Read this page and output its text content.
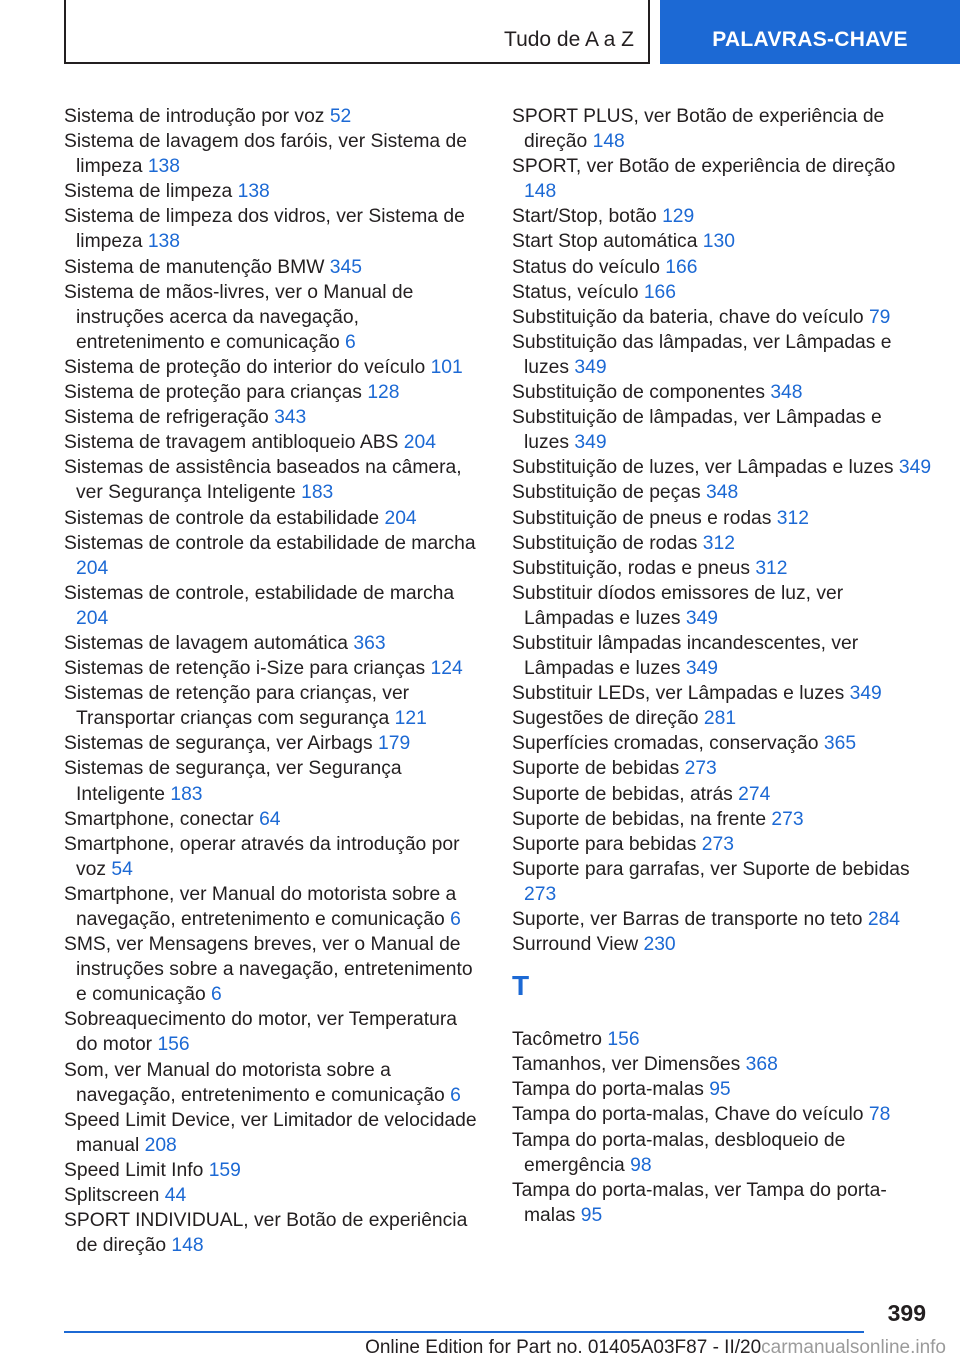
Tudo de A a Z	PALAVRAS-CHAVE
Sistema de introdução por voz 52
Sistema de lavagem dos faróis, ver Sistema de limpeza 138
Sistema de limpeza 138
Sistema de limpeza dos vidros, ver Sistema de limpeza 138
Sistema de manutenção BMW 345
Sistema de mãos-livres, ver o Manual de instruções acerca da navegação, entretenimento e comunicação 6
Sistema de proteção do interior do veículo 101
Sistema de proteção para crianças 128
Sistema de refrigeração 343
Sistema de travagem antibloqueio ABS 204
Sistemas de assistência baseados na câmera, ver Segurança Inteligente 183
Sistemas de controle da estabilidade 204
Sistemas de controle da estabilidade de marcha 204
Sistemas de controle, estabilidade de marcha 204
Sistemas de lavagem automática 363
Sistemas de retenção i-Size para crianças 124
Sistemas de retenção para crianças, ver Transportar crianças com segurança 121
Sistemas de segurança, ver Airbags 179
Sistemas de segurança, ver Segurança Inteligente 183
Smartphone, conectar 64
Smartphone, operar através da introdução por voz 54
Smartphone, ver Manual do motorista sobre a navegação, entretenimento e comunicação 6
SMS, ver Mensagens breves, ver o Manual de instruções sobre a navegação, entretenimento e comunicação 6
Sobreaquecimento do motor, ver Temperatura do motor 156
Som, ver Manual do motorista sobre a navegação, entretenimento e comunicação 6
Speed Limit Device, ver Limitador de velocidade manual 208
Speed Limit Info 159
Splitscreen 44
SPORT INDIVIDUAL, ver Botão de experiência de direção 148
SPORT PLUS, ver Botão de experiência de direção 148
SPORT, ver Botão de experiência de direção 148
Start/Stop, botão 129
Start Stop automática 130
Status do veículo 166
Status, veículo 166
Substituição da bateria, chave do veículo 79
Substituição das lâmpadas, ver Lâmpadas e luzes 349
Substituição de componentes 348
Substituição de lâmpadas, ver Lâmpadas e luzes 349
Substituição de luzes, ver Lâmpadas e luzes 349
Substituição de peças 348
Substituição de pneus e rodas 312
Substituição de rodas 312
Substituição, rodas e pneus 312
Substituir díodos emissores de luz, ver Lâmpadas e luzes 349
Substituir lâmpadas incandescentes, ver Lâmpadas e luzes 349
Substituir LEDs, ver Lâmpadas e luzes 349
Sugestões de direção 281
Superfícies cromadas, conservação 365
Suporte de bebidas 273
Suporte de bebidas, atrás 274
Suporte de bebidas, na frente 273
Suporte para bebidas 273
Suporte para garrafas, ver Suporte de bebidas 273
Suporte, ver Barras de transporte no teto 284
Surround View 230
T
Tacômetro 156
Tamanhos, ver Dimensões 368
Tampa do porta-malas 95
Tampa do porta-malas, Chave do veículo 78
Tampa do porta-malas, desbloqueio de emergência 98
Tampa do porta-malas, ver Tampa do porta-malas 95
399
Online Edition for Part no. 01405A03F87 - II/20carmanualsonline.info
